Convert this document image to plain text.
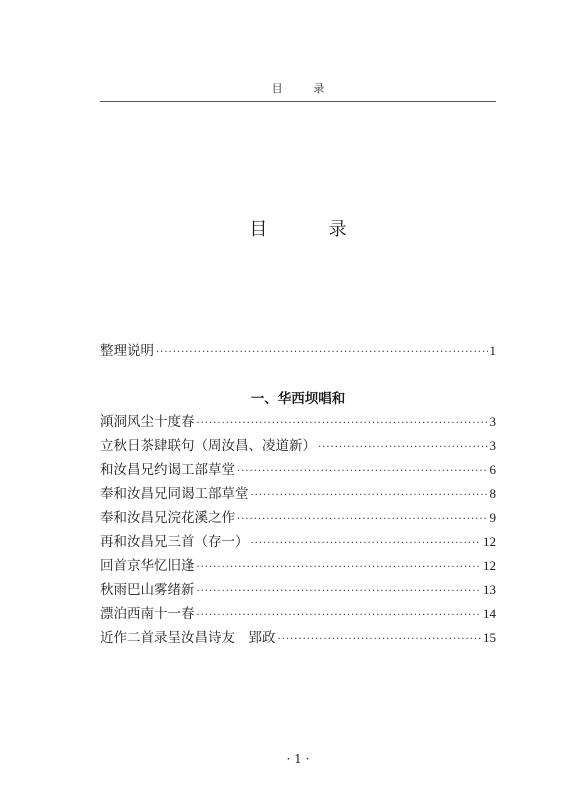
目　录
目　录
整理说明 ·····	1
一、华西坝唱和
澒洞风尘十度春 ·····	3
立秋日茶肆联句（周汝昌、凌道新） ·····	3
和汝昌兄约谒工部草堂 ·····	6
奉和汝昌兄同谒工部草堂 ·····	8
奉和汝昌兄浣花溪之作 ·····	9
再和汝昌兄三首（存一） ·····	12
回首京华忆旧逢 ·····	12
秋雨巴山雾绪新 ·····	13
漂泊西南十一春 ·····	14
近作二首录呈汝昌诗友　郢政 ·····	15
· 1 ·
